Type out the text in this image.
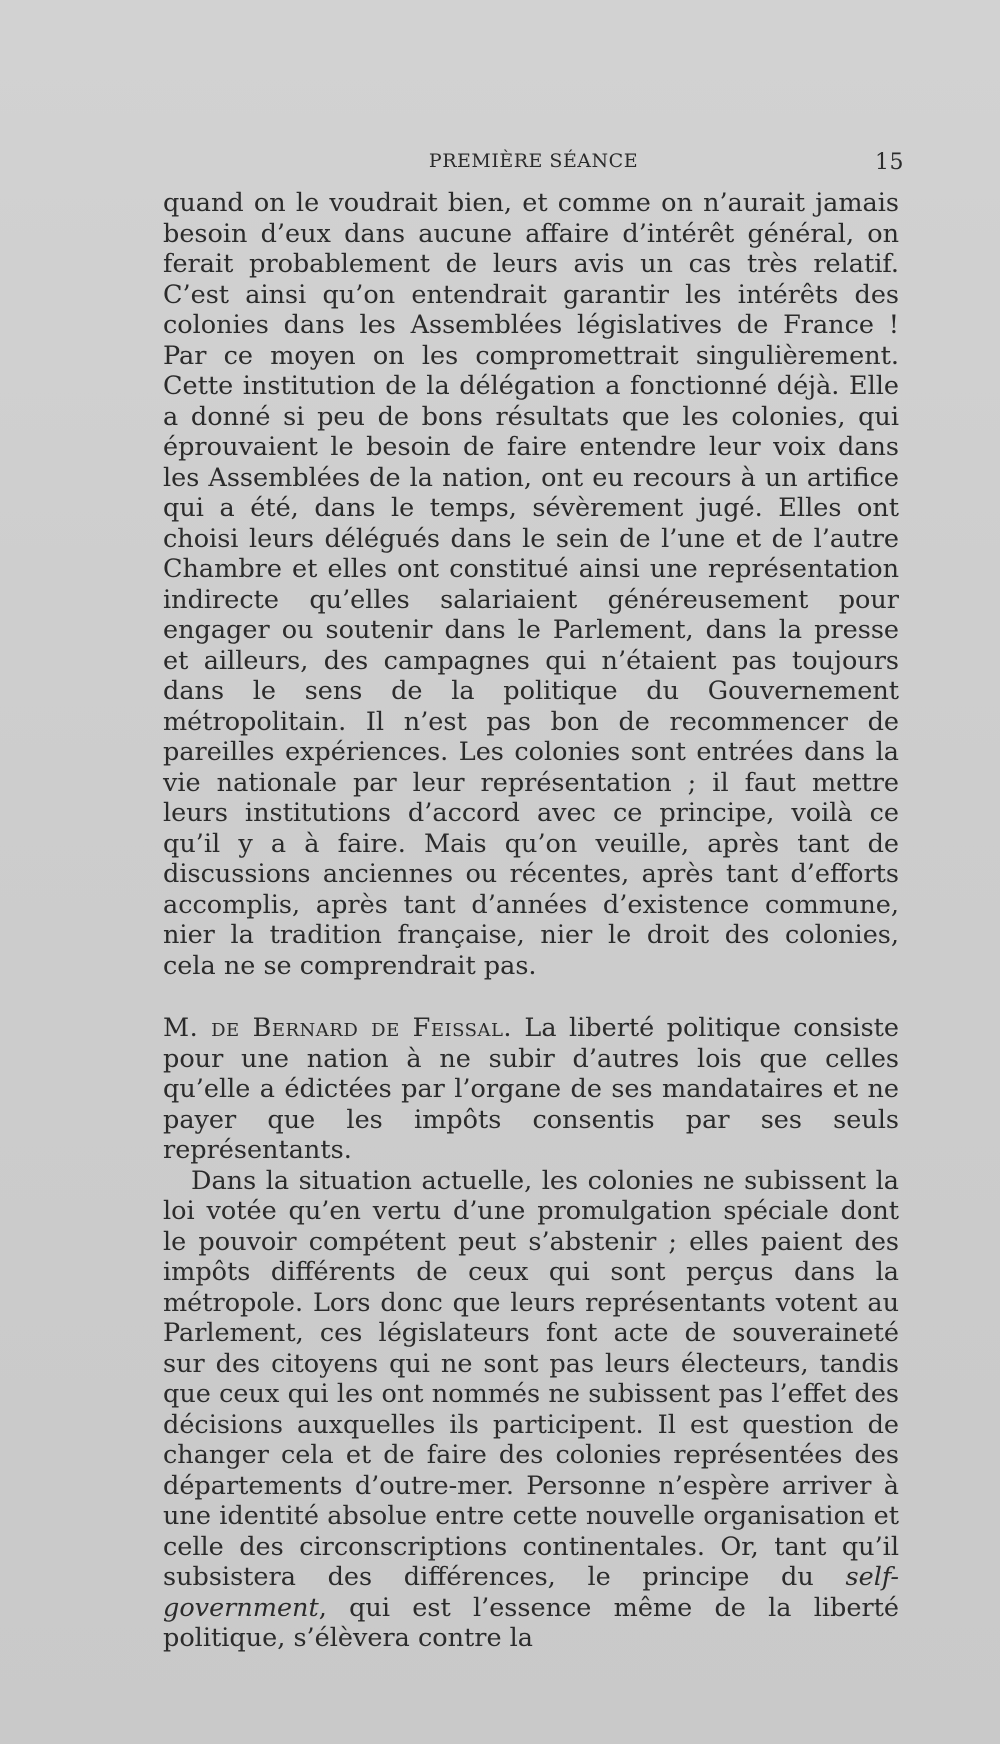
PREMIÈRE SÉANCE	15

quand on le voudrait bien, et comme on n’aurait jamais besoin d’eux dans aucune affaire d’intérêt général, on ferait probablement de leurs avis un cas très relatif. C’est ainsi qu’on entendrait garantir les intérêts des colonies dans les Assemblées législatives de France ! Par ce moyen on les compromettrait singulièrement. Cette institution de la délégation a fonctionné déjà. Elle a donné si peu de bons résultats que les colonies, qui éprouvaient le besoin de faire entendre leur voix dans les Assemblées de la nation, ont eu recours à un artifice qui a été, dans le temps, sévèrement jugé. Elles ont choisi leurs délégués dans le sein de l’une et de l’autre Chambre et elles ont constitué ainsi une représentation indirecte qu’elles salariaient généreusement pour engager ou soutenir dans le Parlement, dans la presse et ailleurs, des campagnes qui n’étaient pas toujours dans le sens de la politique du Gouvernement métropolitain. Il n’est pas bon de recommencer de pareilles expériences. Les colonies sont entrées dans la vie nationale par leur représentation ; il faut mettre leurs institutions d’accord avec ce principe, voilà ce qu’il y a à faire. Mais qu’on veuille, après tant de discussions anciennes ou récentes, après tant d’efforts accomplis, après tant d’années d’existence commune, nier la tradition française, nier le droit des colonies, cela ne se comprendrait pas.

M. de Bernard de Feissal. La liberté politique consiste pour une nation à ne subir d’autres lois que celles qu’elle a édictées par l’organe de ses mandataires et ne payer que les impôts consentis par ses seuls représentants.

Dans la situation actuelle, les colonies ne subissent la loi votée qu’en vertu d’une promulgation spéciale dont le pouvoir compétent peut s’abstenir ; elles paient des impôts différents de ceux qui sont perçus dans la métropole. Lors donc que leurs représentants votent au Parlement, ces législateurs font acte de souveraineté sur des citoyens qui ne sont pas leurs électeurs, tandis que ceux qui les ont nommés ne subissent pas l’effet des décisions auxquelles ils participent. Il est question de changer cela et de faire des colonies représentées des départements d’outre-mer. Personne n’espère arriver à une identité absolue entre cette nouvelle organisation et celle des circonscriptions continentales. Or, tant qu’il subsistera des différences, le principe du self-government, qui est l’essence même de la liberté politique, s’élèvera contre la
